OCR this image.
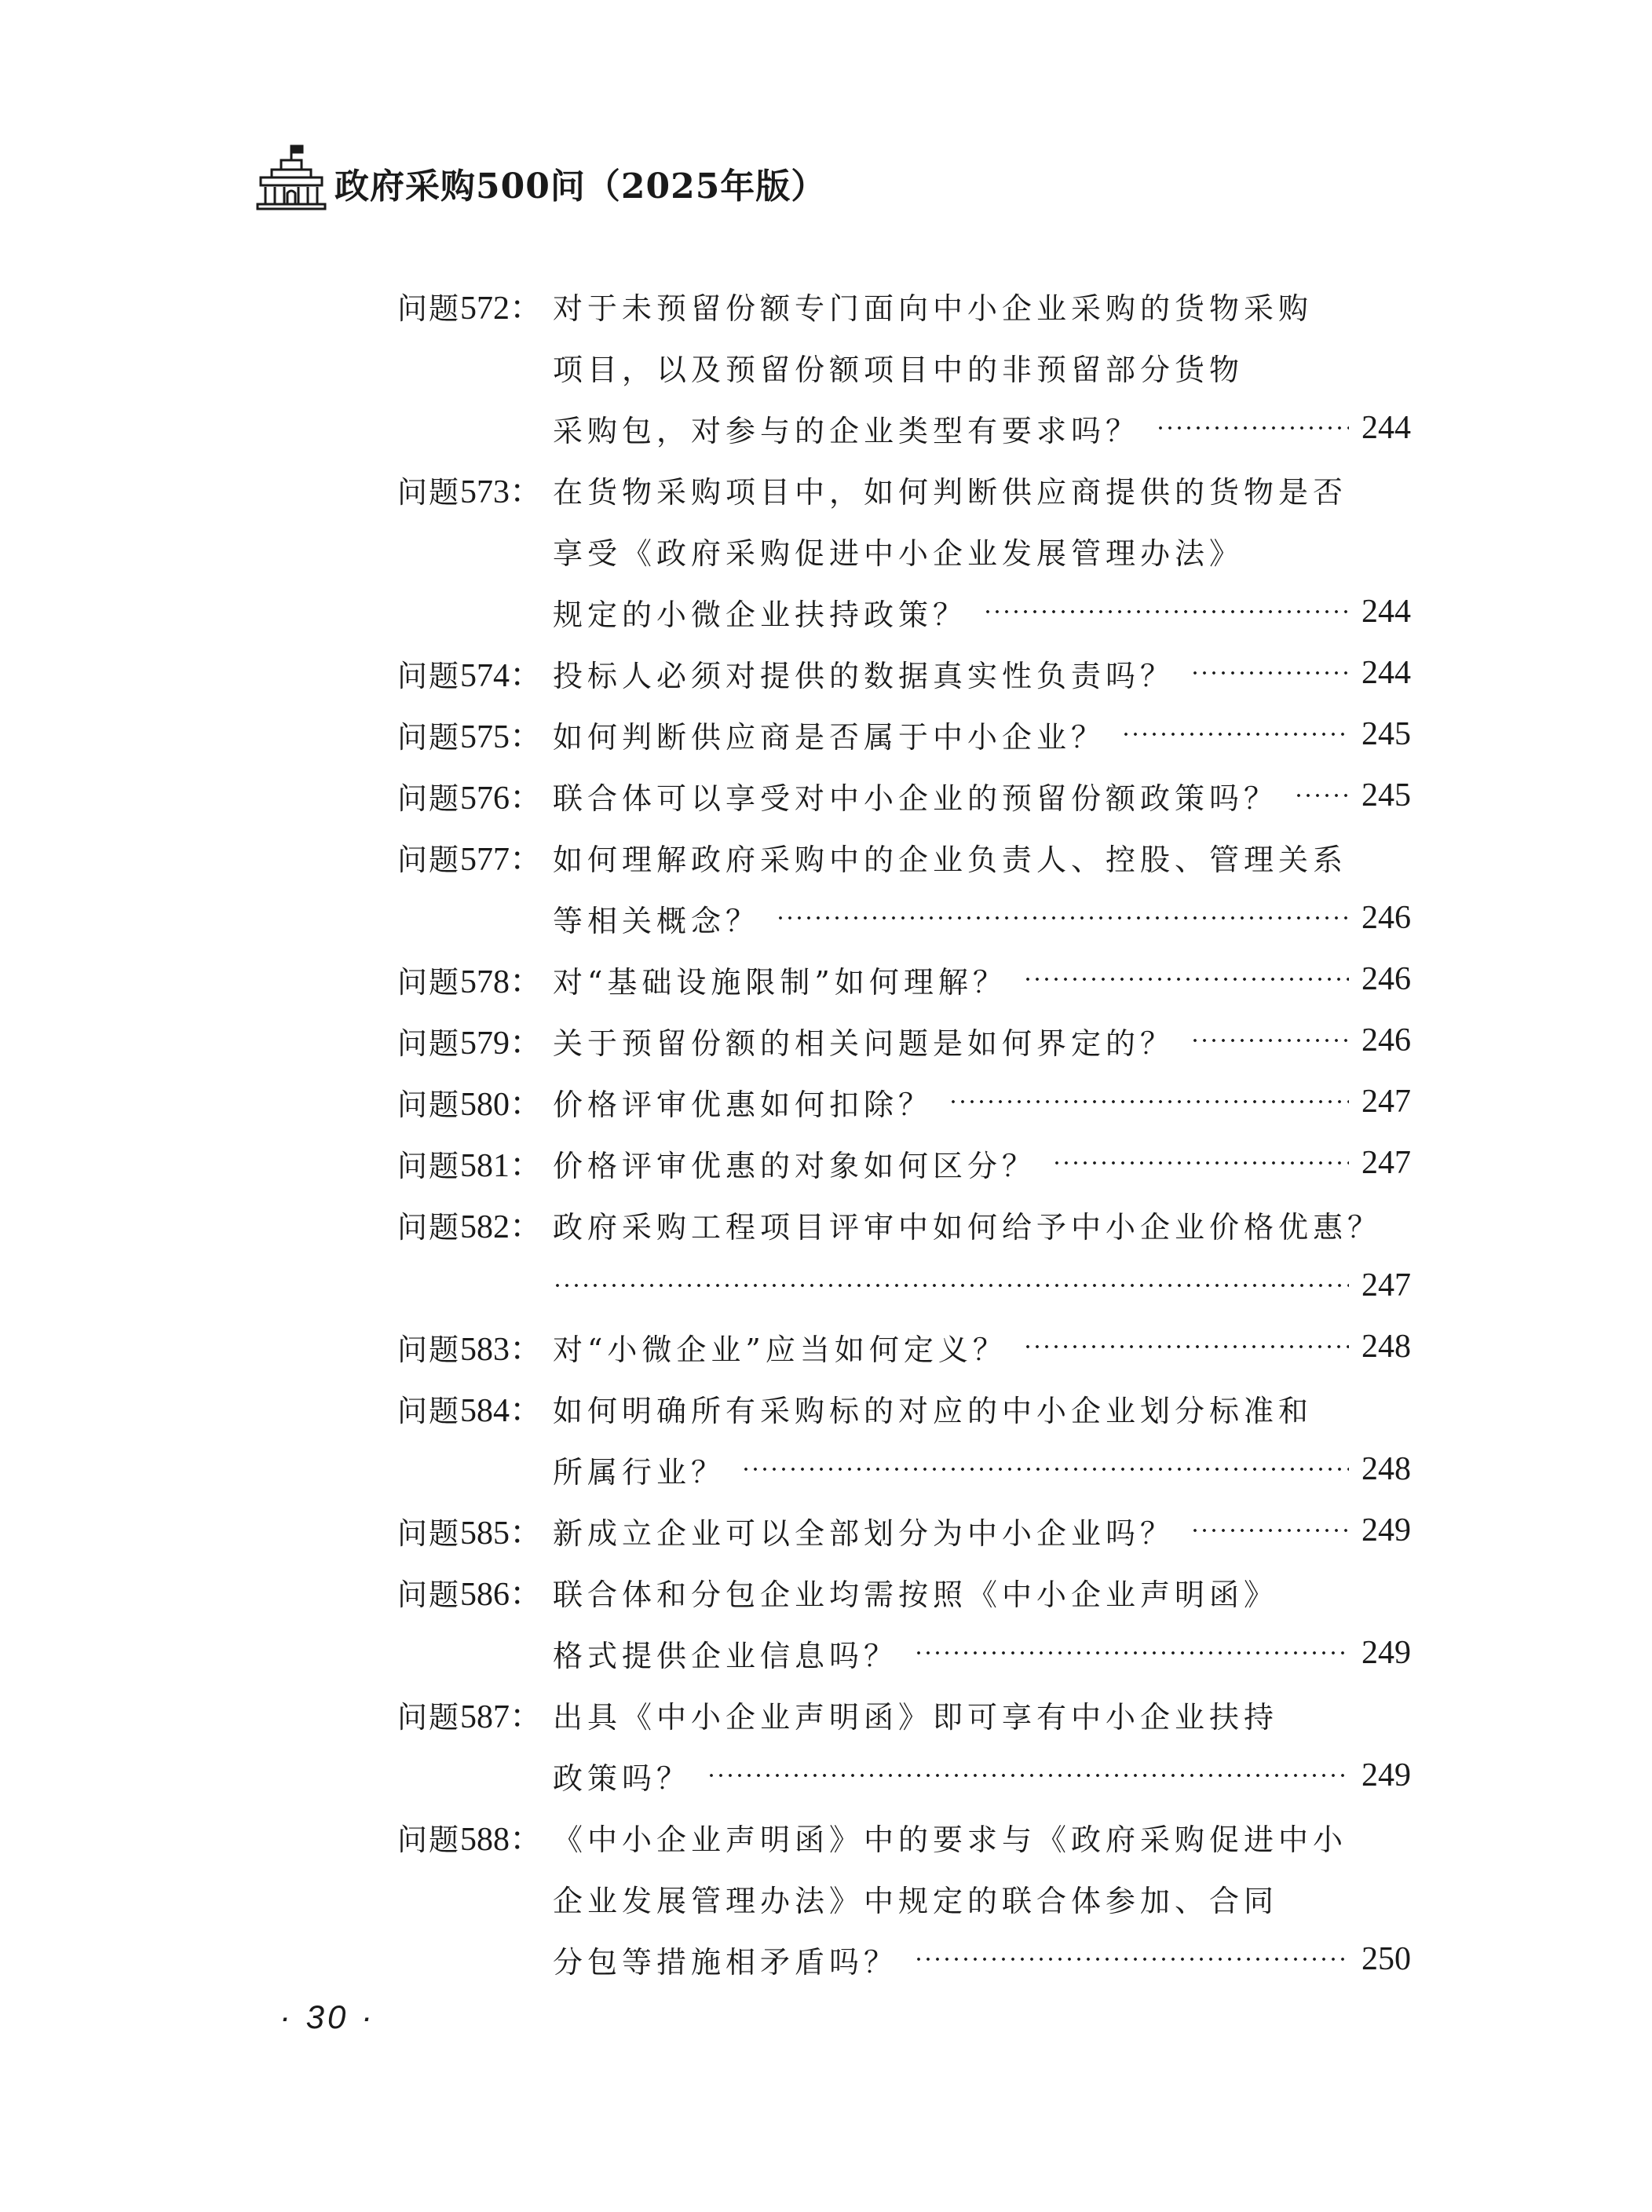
政府采购500问（2025年版）
问题572： 对于未预留份额专门面向中小企业采购的货物采购
项目，以及预留份额项目中的非预留部分货物
采购包，对参与的企业类型有要求吗？	244
问题573： 在货物采购项目中，如何判断供应商提供的货物是否
享受《政府采购促进中小企业发展管理办法》
规定的小微企业扶持政策？	244
问题574： 投标人必须对提供的数据真实性负责吗？	244
问题575： 如何判断供应商是否属于中小企业？	245
问题576： 联合体可以享受对中小企业的预留份额政策吗？	245
问题577： 如何理解政府采购中的企业负责人、控股、管理关系
等相关概念？	246
问题578： 对“基础设施限制”如何理解？	246
问题579： 关于预留份额的相关问题是如何界定的？	246
问题580： 价格评审优惠如何扣除？	247
问题581： 价格评审优惠的对象如何区分？	247
问题582： 政府采购工程项目评审中如何给予中小企业价格优惠？
247
问题583： 对“小微企业”应当如何定义？	248
问题584： 如何明确所有采购标的对应的中小企业划分标准和
所属行业？	248
问题585： 新成立企业可以全部划分为中小企业吗？	249
问题586： 联合体和分包企业均需按照《中小企业声明函》
格式提供企业信息吗？	249
问题587： 出具《中小企业声明函》即可享有中小企业扶持
政策吗？	249
问题588： 《中小企业声明函》中的要求与《政府采购促进中小
企业发展管理办法》中规定的联合体参加、合同
分包等措施相矛盾吗？	250
· 30 ·
